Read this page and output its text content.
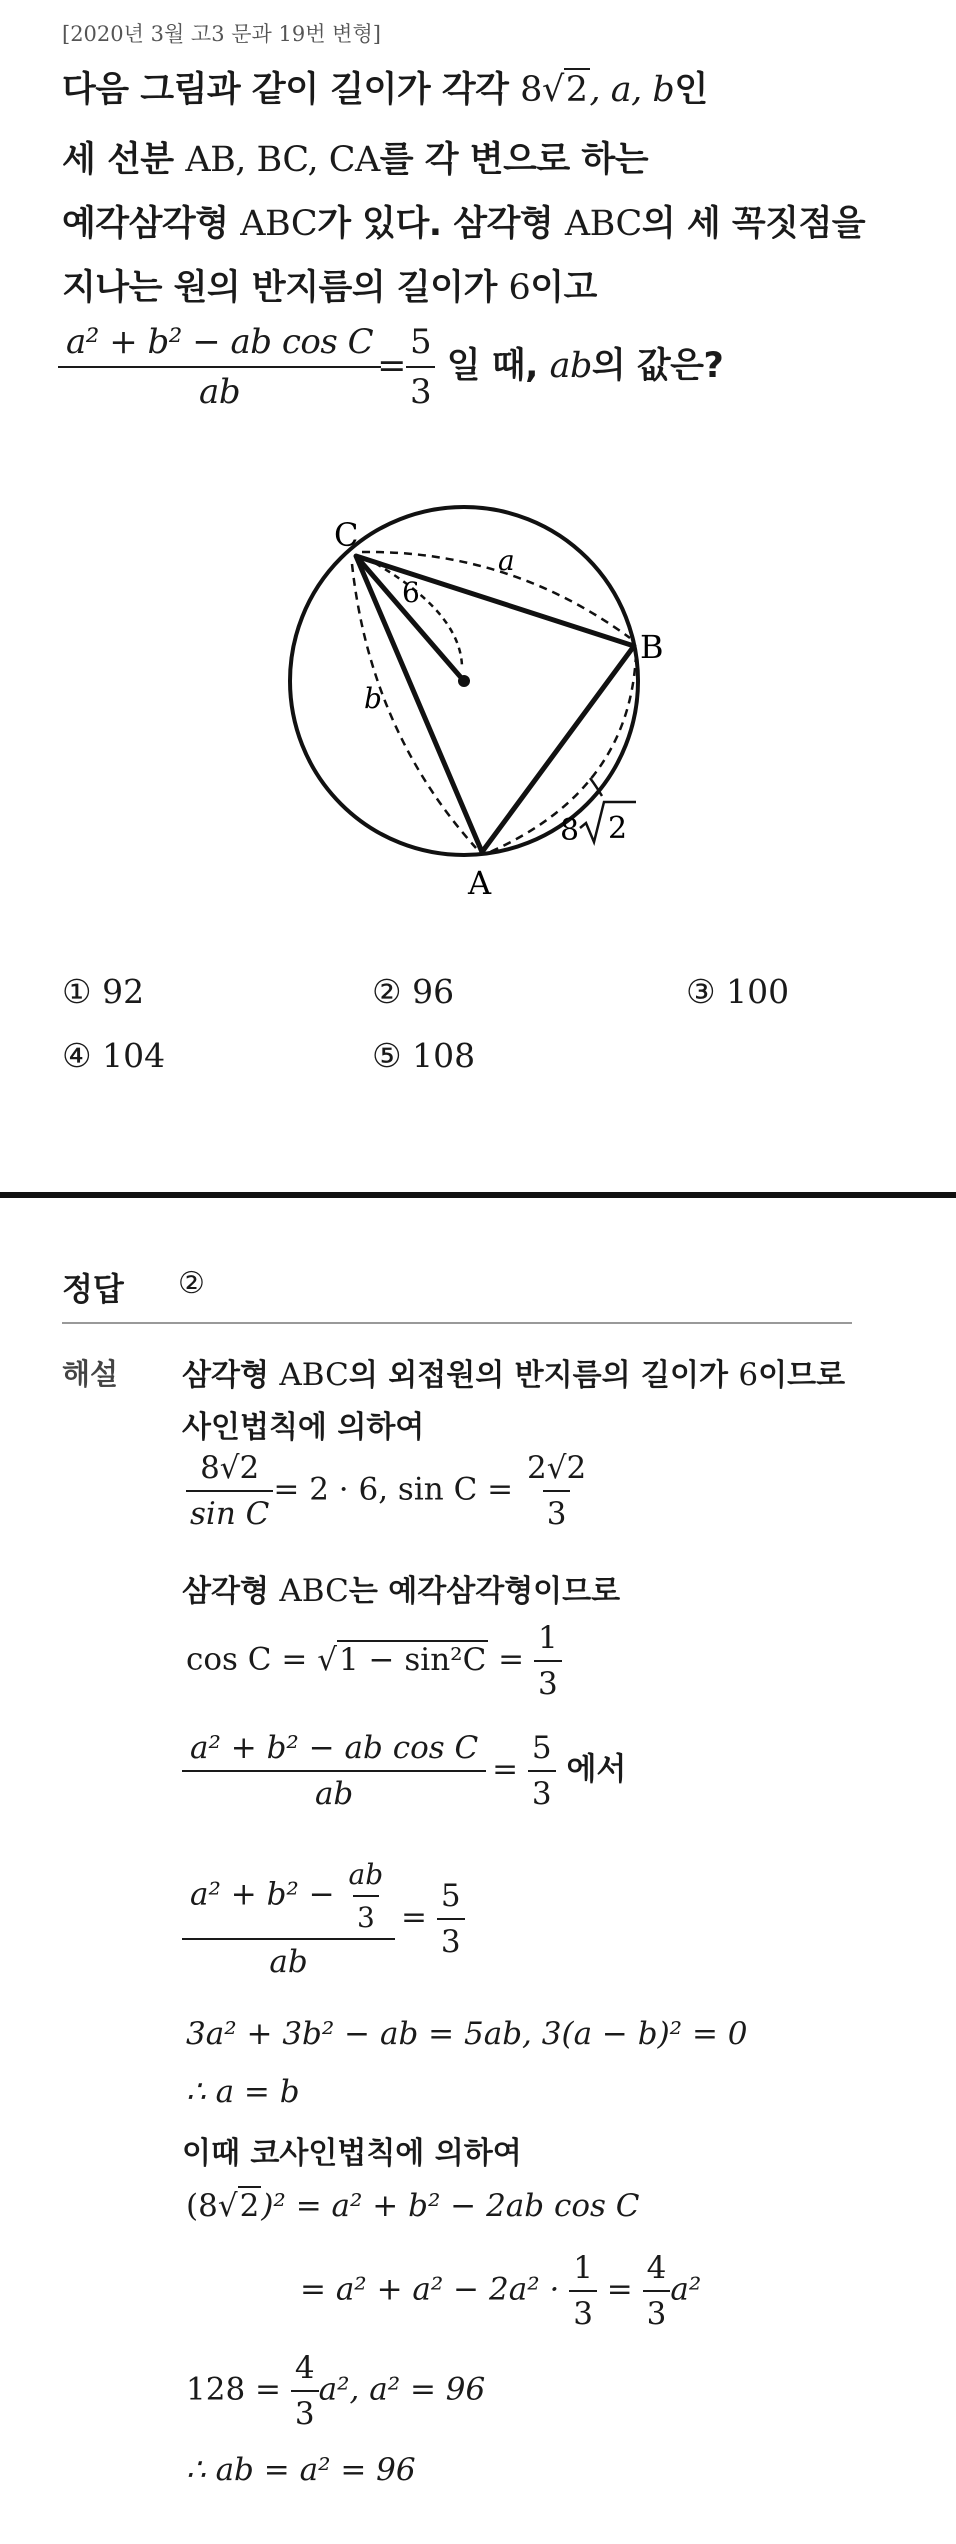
[2020년 3월 고3 문과 19번 변형]
다음 그림과 같이 길이가 각각 8√2, a, b인
세 선분 AB, BC, CA를 각 변으로 하는
예각삼각형 ABC가 있다. 삼각형 ABC의 세 꼭짓점을
지나는 원의 반지름의 길이가 6이고
$\frac{\text{a² + b² − ab cos C}}{ab} = \frac{5}{3}$ 일 때, ab의 값은?
C
B
A
a
b
6
8 2
① 92	② 96	③ 100
④ 104	⑤ 108
정답 ②
해설 삼각형 ABC의 외접원의 반지름의 길이가 6이므로
사인법칙에 의하여
$\frac{8√2}{\text{sin C}} = 2 \cdot 6$, $\sin C = \frac{2√2}{3}$
삼각형 ABC는 예각삼각형이므로
$\cos C = √1 - \sin^2C = \frac{1}{3}$
$\frac{\text{a² + b² − ab cos C}}{ab} = \frac{5}{3}$ 에서
$\frac{a^2 + b^2 - \frac{ab}{3}}{ab} = \frac{5}{3}$
3a² + 3b² − ab = 5ab, 3(a − b)² = 0
∴ a = b
이때 코사인법칙에 의하여
(8√2)² = a² + b² − 2ab cos C
= $a^2 + a^2 - 2a^2 \cdot \frac{1}{3} = \frac{4}{3} a^2$
$128 = \frac{4}{3} a^2$, a² = 96
∴ ab = a² = 96
